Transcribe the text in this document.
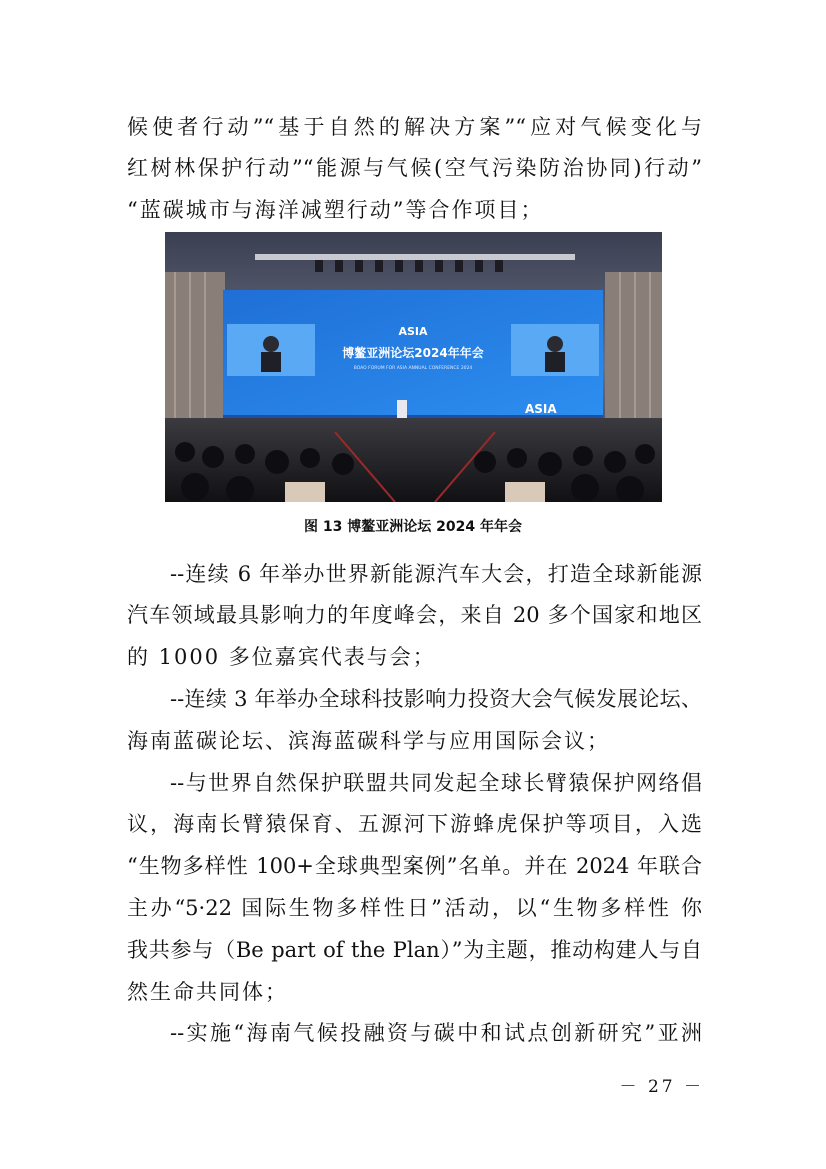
候使者行动”“基于自然的解决方案”“应对气候变化与
红树林保护行动”“能源与气候(空气污染防治协同)行动”
“蓝碳城市与海洋减塑行动”等合作项目；
ASIA
博鳌亚洲论坛2024年年会
BOAO FORUM FOR ASIA ANNUAL CONFERENCE 2024
ASIA
图 13 博鳌亚洲论坛 2024 年年会
--连续 6 年举办世界新能源汽车大会，打造全球新能源
汽车领域最具影响力的年度峰会，来自 20 多个国家和地区
的 1000 多位嘉宾代表与会；
--连续 3 年举办全球科技影响力投资大会气候发展论坛、
海南蓝碳论坛、滨海蓝碳科学与应用国际会议；
--与世界自然保护联盟共同发起全球长臂猿保护网络倡
议，海南长臂猿保育、五源河下游蜂虎保护等项目，入选
“生物多样性 100+全球典型案例”名单。并在 2024 年联合
主办“5·22 国际生物多样性日”活动，以“生物多样性 你
我共参与（Be part of the Plan）”为主题，推动构建人与自
然生命共同体；
--实施“海南气候投融资与碳中和试点创新研究”亚洲
－ 27 －
